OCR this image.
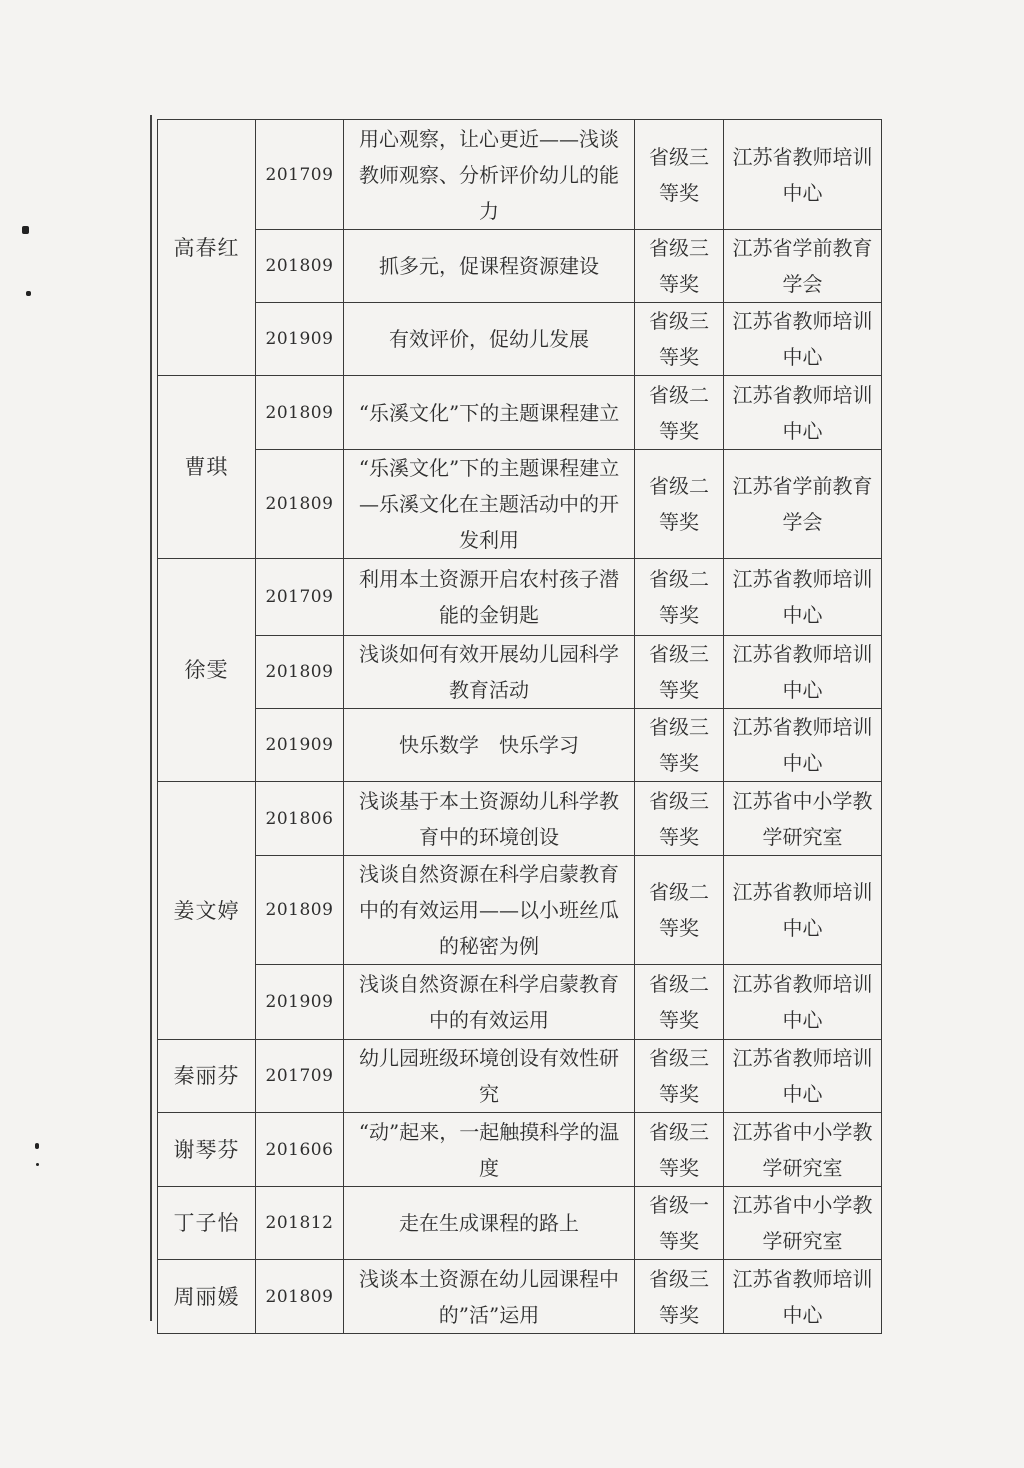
高春红	201709	用心观察，让心更近——浅谈教师观察、分析评价幼儿的能力	省级三等奖	江苏省教师培训中心
	201809	抓多元，促课程资源建设	省级三等奖	江苏省学前教育学会
	201909	有效评价，促幼儿发展	省级三等奖	江苏省教师培训中心
曹琪	201809	“乐溪文化”下的主题课程建立	省级二等奖	江苏省教师培训中心
	201809	“乐溪文化”下的主题课程建立—乐溪文化在主题活动中的开发利用	省级二等奖	江苏省学前教育学会
徐雯	201709	利用本土资源开启农村孩子潜能的金钥匙	省级二等奖	江苏省教师培训中心
	201809	浅谈如何有效开展幼儿园科学教育活动	省级三等奖	江苏省教师培训中心
	201909	快乐数学　快乐学习	省级三等奖	江苏省教师培训中心
姜文婷	201806	浅谈基于本土资源幼儿科学教育中的环境创设	省级三等奖	江苏省中小学教学研究室
	201809	浅谈自然资源在科学启蒙教育中的有效运用——以小班丝瓜的秘密为例	省级二等奖	江苏省教师培训中心
	201909	浅谈自然资源在科学启蒙教育中的有效运用	省级二等奖	江苏省教师培训中心
秦丽芬	201709	幼儿园班级环境创设有效性研究	省级三等奖	江苏省教师培训中心
谢琴芬	201606	“动”起来，一起触摸科学的温度	省级三等奖	江苏省中小学教学研究室
丁子怡	201812	走在生成课程的路上	省级一等奖	江苏省中小学教学研究室
周丽媛	201809	浅谈本土资源在幼儿园课程中的”活”运用	省级三等奖	江苏省教师培训中心
